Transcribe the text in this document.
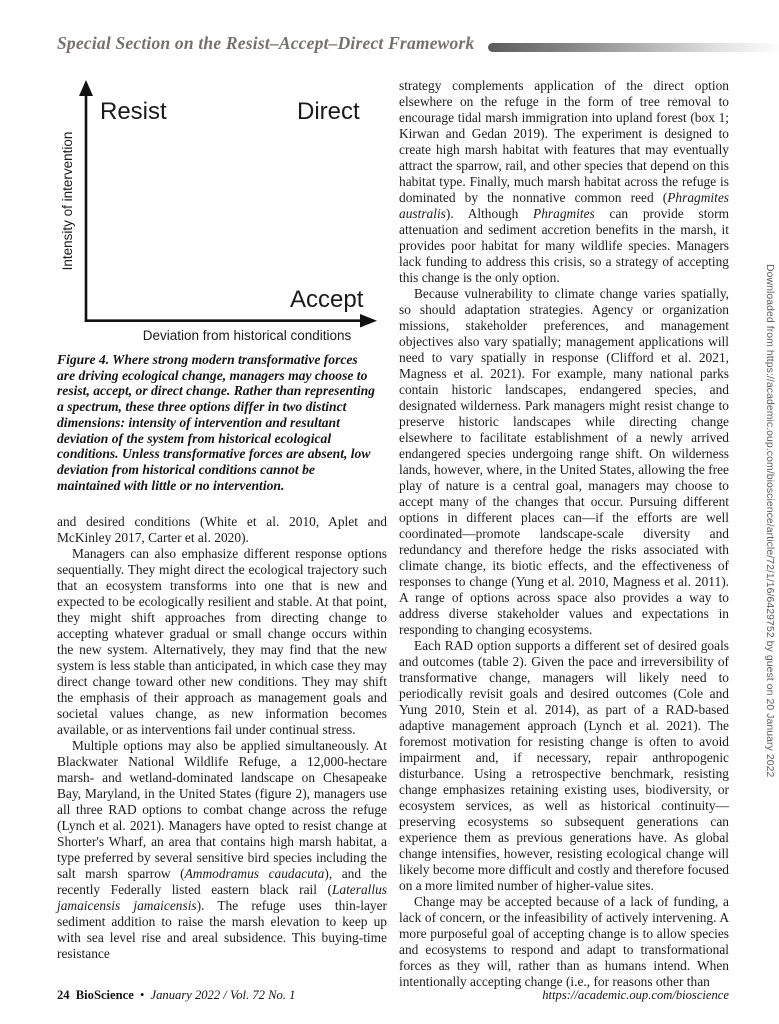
Special Section on the Resist–Accept–Direct Framework
Resist	Direct
Accept
Intensity of intervention
Deviation from historical conditions
Figure 4. Where strong modern transformative forces are driving ecological change, managers may choose to resist, accept, or direct change. Rather than representing a spectrum, these three options differ in two distinct dimensions: intensity of intervention and resultant deviation of the system from historical ecological conditions. Unless transformative forces are absent, low deviation from historical conditions cannot be maintained with little or no intervention.

and desired conditions (White et al. 2010, Aplet and McKinley 2017, Carter et al. 2020).

Managers can also emphasize different response options sequentially. They might direct the ecological trajectory such that an ecosystem transforms into one that is new and expected to be ecologically resilient and stable. At that point, they might shift approaches from directing change to accepting whatever gradual or small change occurs within the new system. Alternatively, they may find that the new system is less stable than anticipated, in which case they may direct change toward other new conditions. They may shift the emphasis of their approach as management goals and societal values change, as new information becomes available, or as interventions fail under continual stress.

Multiple options may also be applied simultaneously. At Blackwater National Wildlife Refuge, a 12,000-hectare marsh- and wetland-dominated landscape on Chesapeake Bay, Maryland, in the United States (figure 2), managers use all three RAD options to combat change across the refuge (Lynch et al. 2021). Managers have opted to resist change at Shorter's Wharf, an area that contains high marsh habitat, a type preferred by several sensitive bird species including the salt marsh sparrow (Ammodramus caudacuta), and the recently Federally listed eastern black rail (Laterallus jamaicensis jamaicensis). The refuge uses thin-layer sediment addition to raise the marsh elevation to keep up with sea level rise and areal subsidence. This buying-time resistance

strategy complements application of the direct option elsewhere on the refuge in the form of tree removal to encourage tidal marsh immigration into upland forest (box 1; Kirwan and Gedan 2019). The experiment is designed to create high marsh habitat with features that may eventually attract the sparrow, rail, and other species that depend on this habitat type. Finally, much marsh habitat across the refuge is dominated by the nonnative common reed (Phragmites australis). Although Phragmites can provide storm attenuation and sediment accretion benefits in the marsh, it provides poor habitat for many wildlife species. Managers lack funding to address this crisis, so a strategy of accepting this change is the only option.

Because vulnerability to climate change varies spatially, so should adaptation strategies. Agency or organization missions, stakeholder preferences, and management objectives also vary spatially; management applications will need to vary spatially in response (Clifford et al. 2021, Magness et al. 2021). For example, many national parks contain historic landscapes, endangered species, and designated wilderness. Park managers might resist change to preserve historic landscapes while directing change elsewhere to facilitate establishment of a newly arrived endangered species undergoing range shift. On wilderness lands, however, where, in the United States, allowing the free play of nature is a central goal, managers may choose to accept many of the changes that occur. Pursuing different options in different places can—if the efforts are well coordinated—promote landscape-scale diversity and redundancy and therefore hedge the risks associated with climate change, its biotic effects, and the effectiveness of responses to change (Yung et al. 2010, Magness et al. 2011). A range of options across space also provides a way to address diverse stakeholder values and expectations in responding to changing ecosystems.

Each RAD option supports a different set of desired goals and outcomes (table 2). Given the pace and irreversibility of transformative change, managers will likely need to periodically revisit goals and desired outcomes (Cole and Yung 2010, Stein et al. 2014), as part of a RAD-based adaptive management approach (Lynch et al. 2021). The foremost motivation for resisting change is often to avoid impairment and, if necessary, repair anthropogenic disturbance. Using a retrospective benchmark, resisting change emphasizes retaining existing uses, biodiversity, or ecosystem services, as well as historical continuity—preserving ecosystems so subsequent generations can experience them as previous generations have. As global change intensifies, however, resisting ecological change will likely become more difficult and costly and therefore focused on a more limited number of higher-value sites.

Change may be accepted because of a lack of funding, a lack of concern, or the infeasibility of actively intervening. A more purposeful goal of accepting change is to allow species and ecosystems to respond and adapt to transformational forces as they will, rather than as humans intend. When intentionally accepting change (i.e., for reasons other than

Downloaded from https://academic.oup.com/bioscience/article/72/1/16/6429752 by guest on 20 January 2022
24 BioScience • January 2022 / Vol. 72 No. 1	https://academic.oup.com/bioscience
